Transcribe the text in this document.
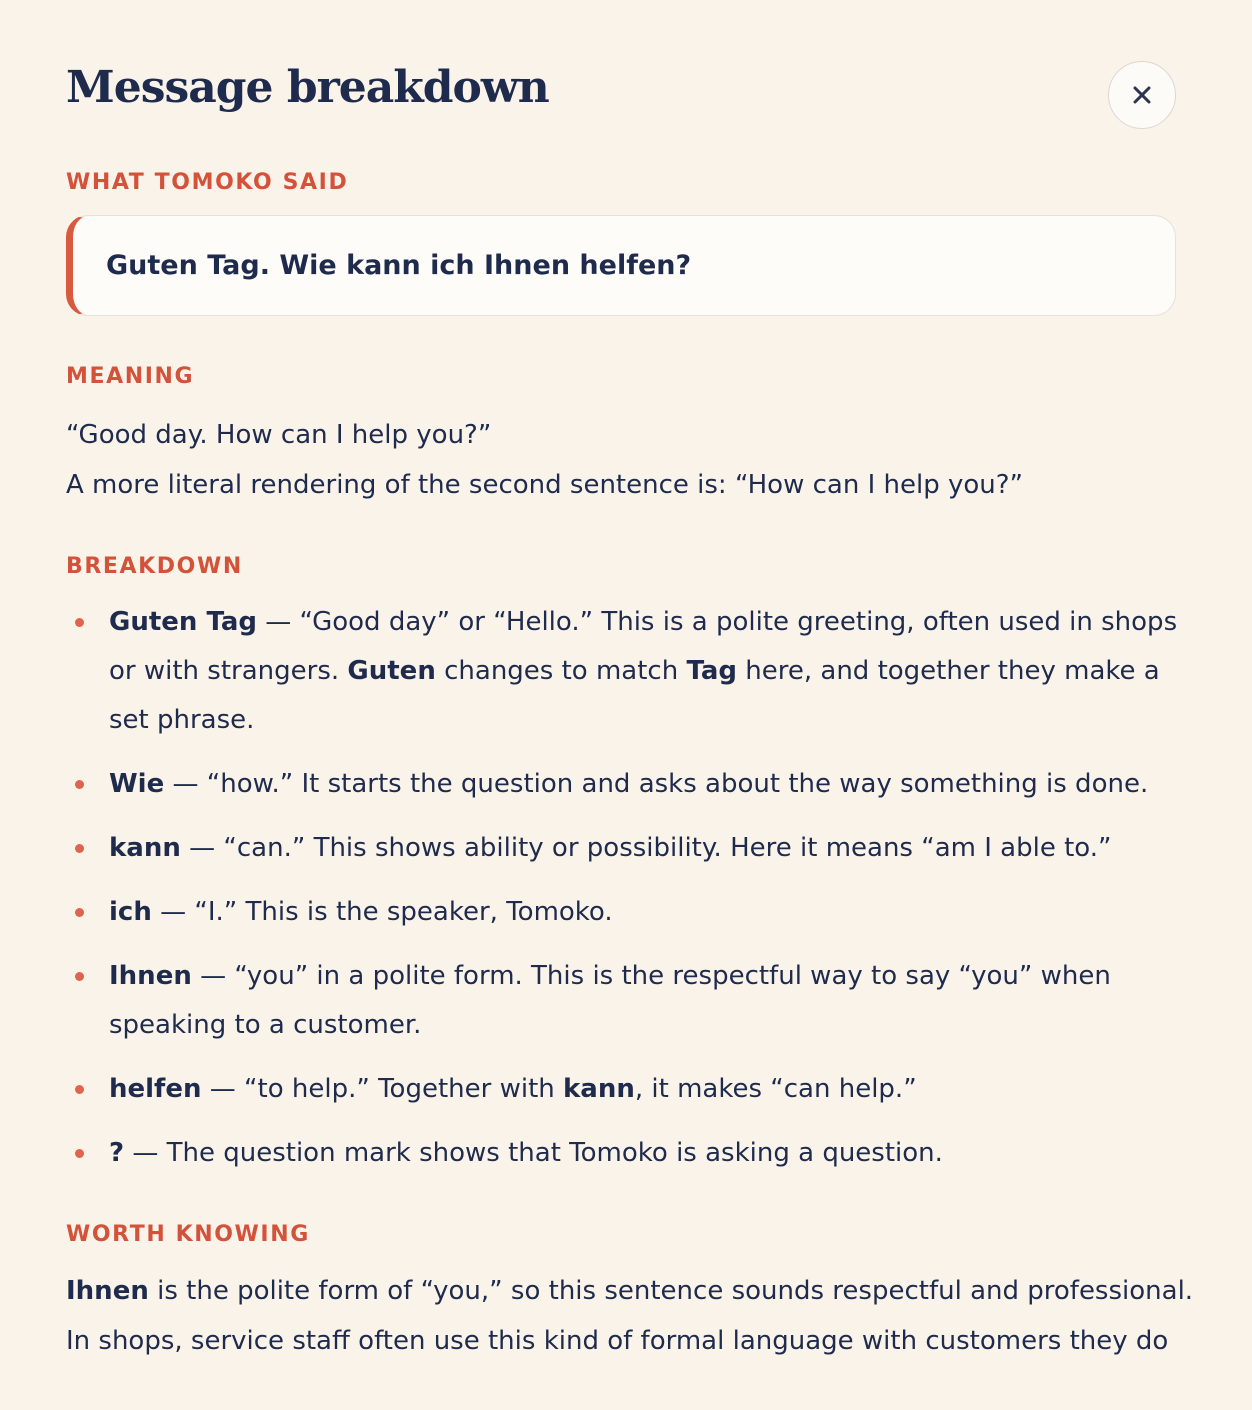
Message breakdown
WHAT TOMOKO SAID
Guten Tag. Wie kann ich Ihnen helfen?
MEANING

“Good day. How can I help you?”

A more literal rendering of the second sentence is: “How can I help you?”

BREAKDOWN
Guten Tag — “Good day” or “Hello.” This is a polite greeting, often used in shops or with strangers. Guten changes to match Tag here, and together they make a set phrase.
Wie — “how.” It starts the question and asks about the way something is done.
kann — “can.” This shows ability or possibility. Here it means “am I able to.”
ich — “I.” This is the speaker, Tomoko.
Ihnen — “you” in a polite form. This is the respectful way to say “you” when speaking to a customer.
helfen — “to help.” Together with kann, it makes “can help.”
? — The question mark shows that Tomoko is asking a question.
WORTH KNOWING

Ihnen is the polite form of “you,” so this sentence sounds respectful and professional.

In shops, service staff often use this kind of formal language with customers they do
